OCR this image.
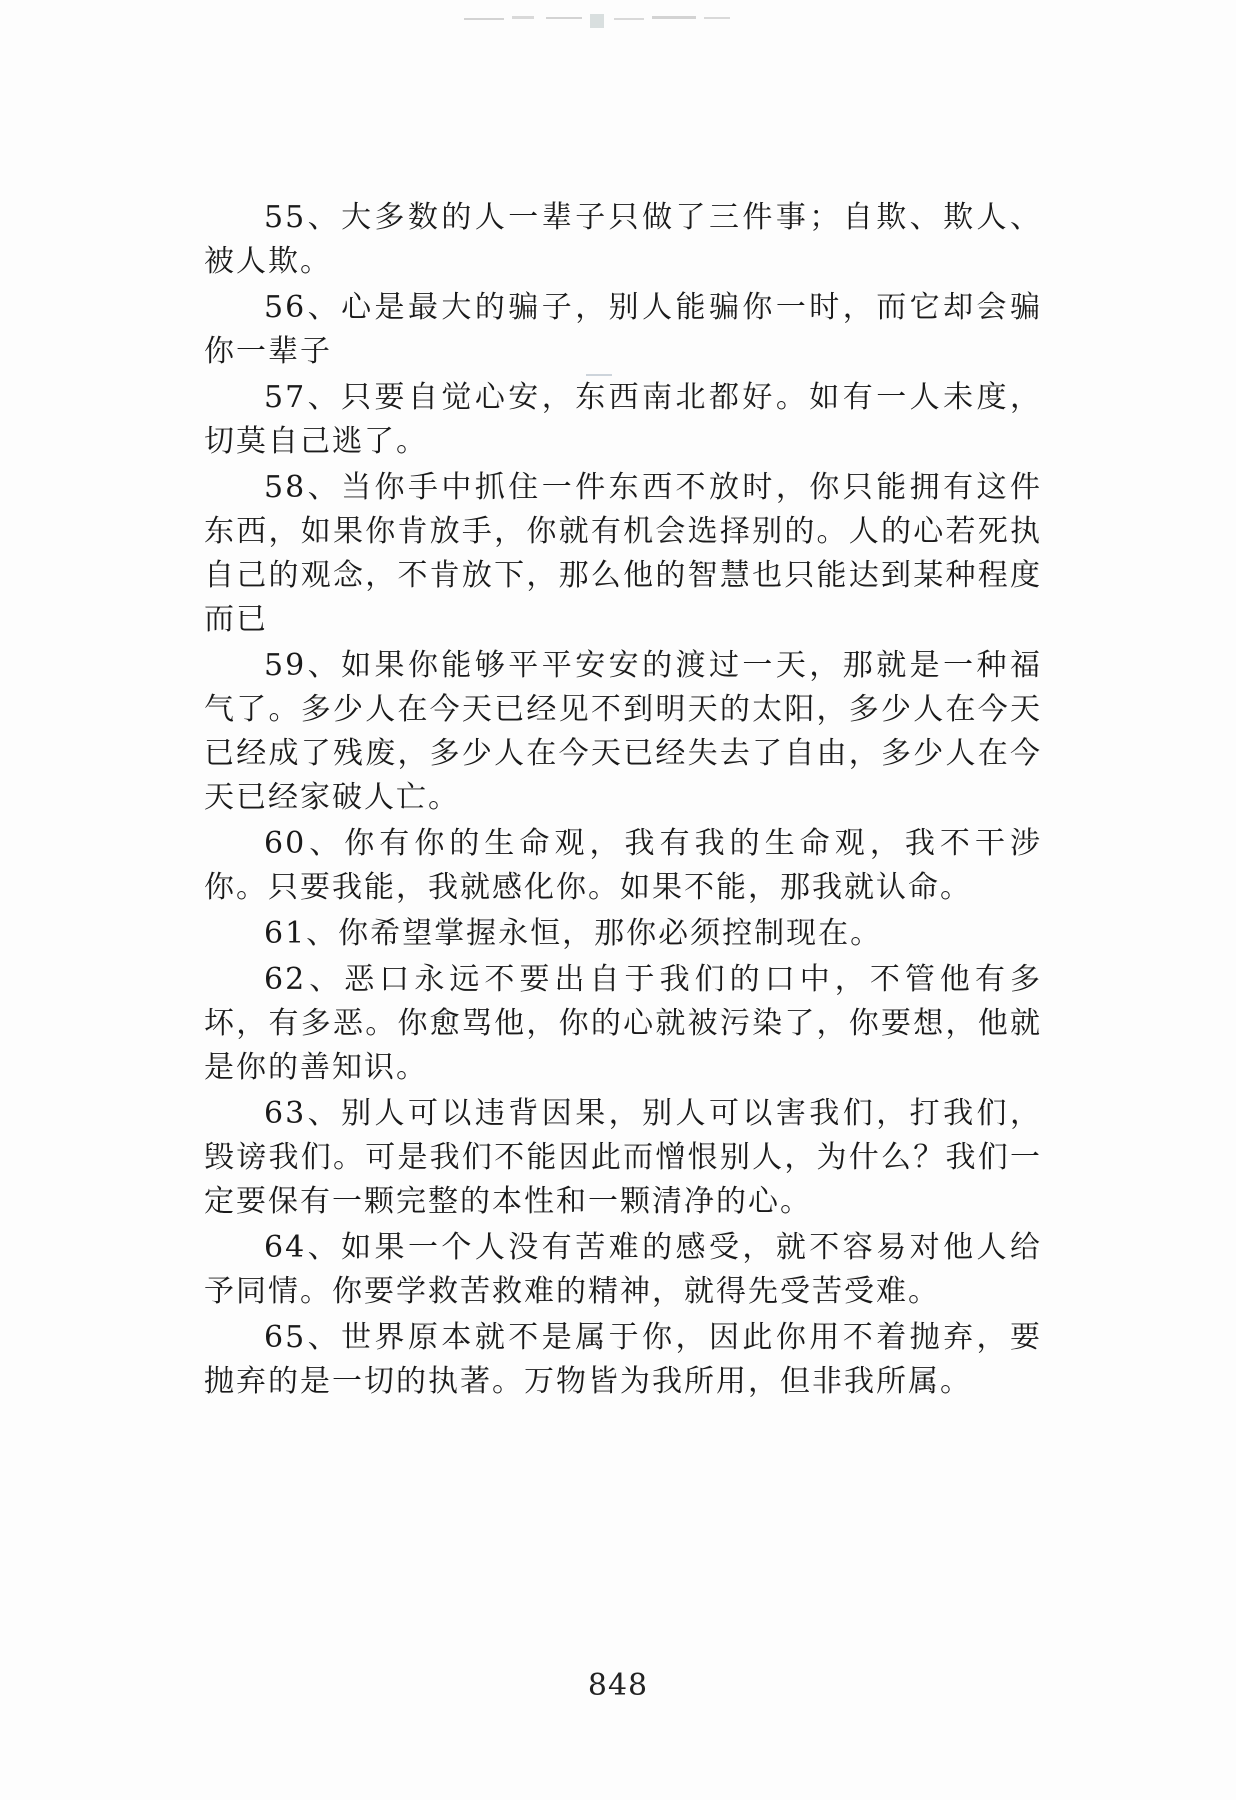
55、大多数的人一辈子只做了三件事；自欺、欺人、被人欺。

56、心是最大的骗子，别人能骗你一时，而它却会骗你一辈子

57、只要自觉心安，东西南北都好。如有一人未度，切莫自己逃了。

58、当你手中抓住一件东西不放时，你只能拥有这件东西，如果你肯放手，你就有机会选择别的。人的心若死执自己的观念，不肯放下，那么他的智慧也只能达到某种程度而已

59、如果你能够平平安安的渡过一天，那就是一种福气了。多少人在今天已经见不到明天的太阳，多少人在今天已经成了残废，多少人在今天已经失去了自由，多少人在今天已经家破人亡。

60、你有你的生命观，我有我的生命观，我不干涉你。只要我能，我就感化你。如果不能，那我就认命。

61、你希望掌握永恒，那你必须控制现在。

62、恶口永远不要出自于我们的口中，不管他有多坏，有多恶。你愈骂他，你的心就被污染了，你要想，他就是你的善知识。

63、别人可以违背因果，别人可以害我们，打我们，毁谤我们。可是我们不能因此而憎恨别人，为什么？我们一定要保有一颗完整的本性和一颗清净的心。

64、如果一个人没有苦难的感受，就不容易对他人给予同情。你要学救苦救难的精神，就得先受苦受难。

65、世界原本就不是属于你，因此你用不着抛弃，要抛弃的是一切的执著。万物皆为我所用，但非我所属。

848
